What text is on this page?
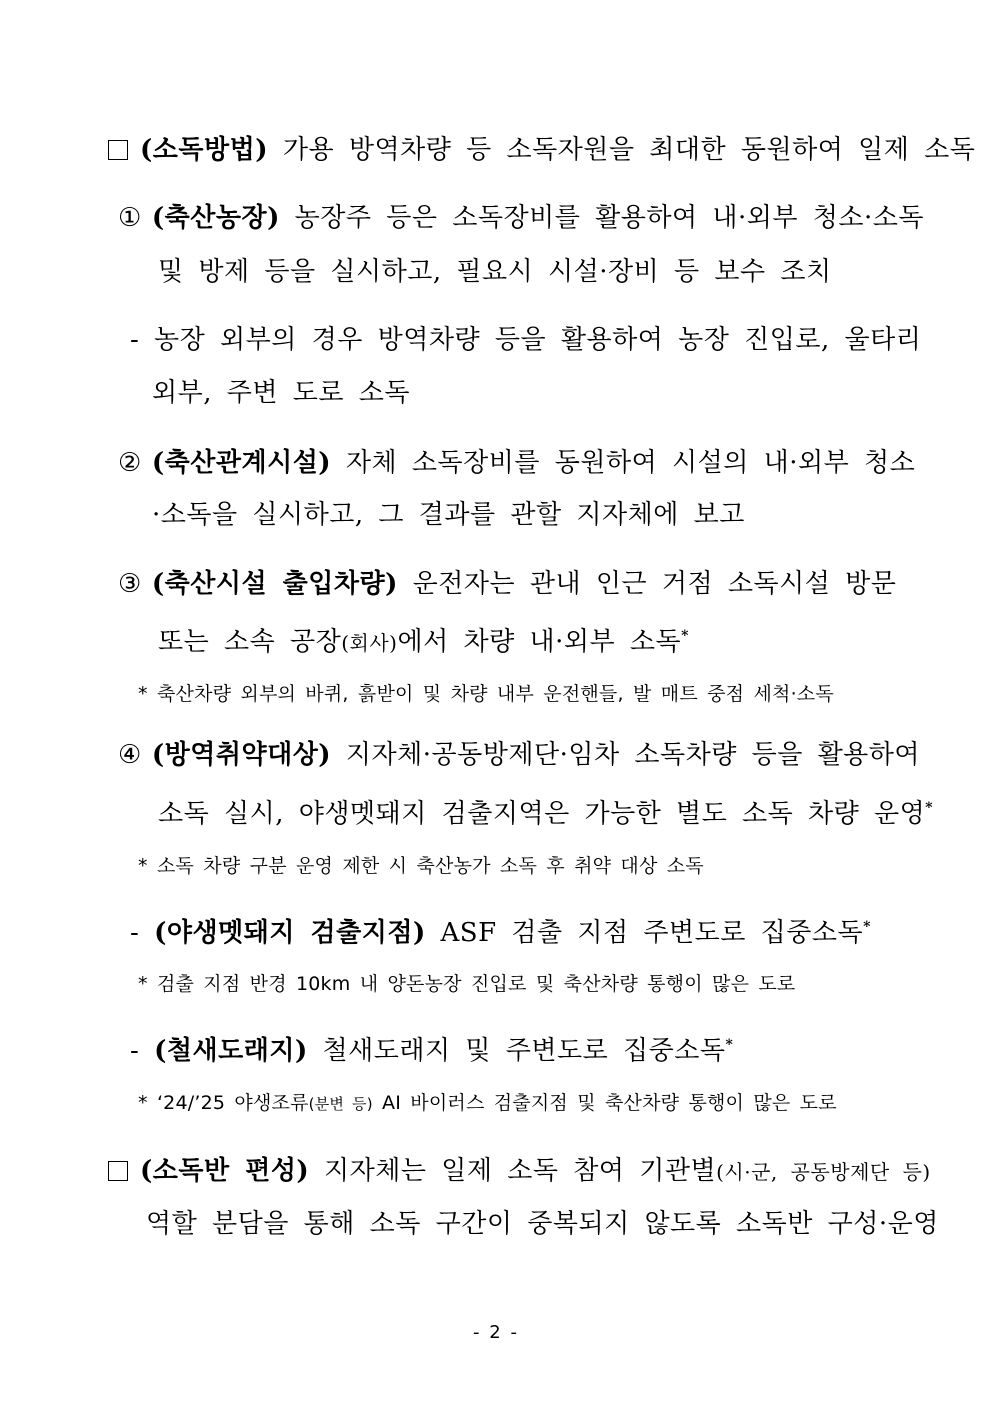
(소독방법) 가용 방역차량 등 소독자원을 최대한 동원하여 일제 소독
① (축산농장) 농장주 등은 소독장비를 활용하여 내·외부 청소·소독
및 방제 등을 실시하고, 필요시 시설·장비 등 보수 조치
- 농장 외부의 경우 방역차량 등을 활용하여 농장 진입로, 울타리
외부, 주변 도로 소독
② (축산관계시설) 자체 소독장비를 동원하여 시설의 내·외부 청소
·소독을 실시하고, 그 결과를 관할 지자체에 보고
③ (축산시설 출입차량) 운전자는 관내 인근 거점 소독시설 방문
또는 소속 공장(회사)에서 차량 내·외부 소독*
* 축산차량 외부의 바퀴, 흙받이 및 차량 내부 운전핸들, 발 매트 중점 세척·소독
④ (방역취약대상) 지자체·공동방제단·임차 소독차량 등을 활용하여
소독 실시, 야생멧돼지 검출지역은 가능한 별도 소독 차량 운영*
* 소독 차량 구분 운영 제한 시 축산농가 소독 후 취약 대상 소독
- (야생멧돼지 검출지점) ASF 검출 지점 주변도로 집중소독*
* 검출 지점 반경 10km 내 양돈농장 진입로 및 축산차량 통행이 많은 도로
- (철새도래지) 철새도래지 및 주변도로 집중소독*
* ‘24/’25 야생조류(분변 등) AI 바이러스 검출지점 및 축산차량 통행이 많은 도로
(소독반 편성) 지자체는 일제 소독 참여 기관별(시·군, 공동방제단 등)
역할 분담을 통해 소독 구간이 중복되지 않도록 소독반 구성·운영
- 2 -
